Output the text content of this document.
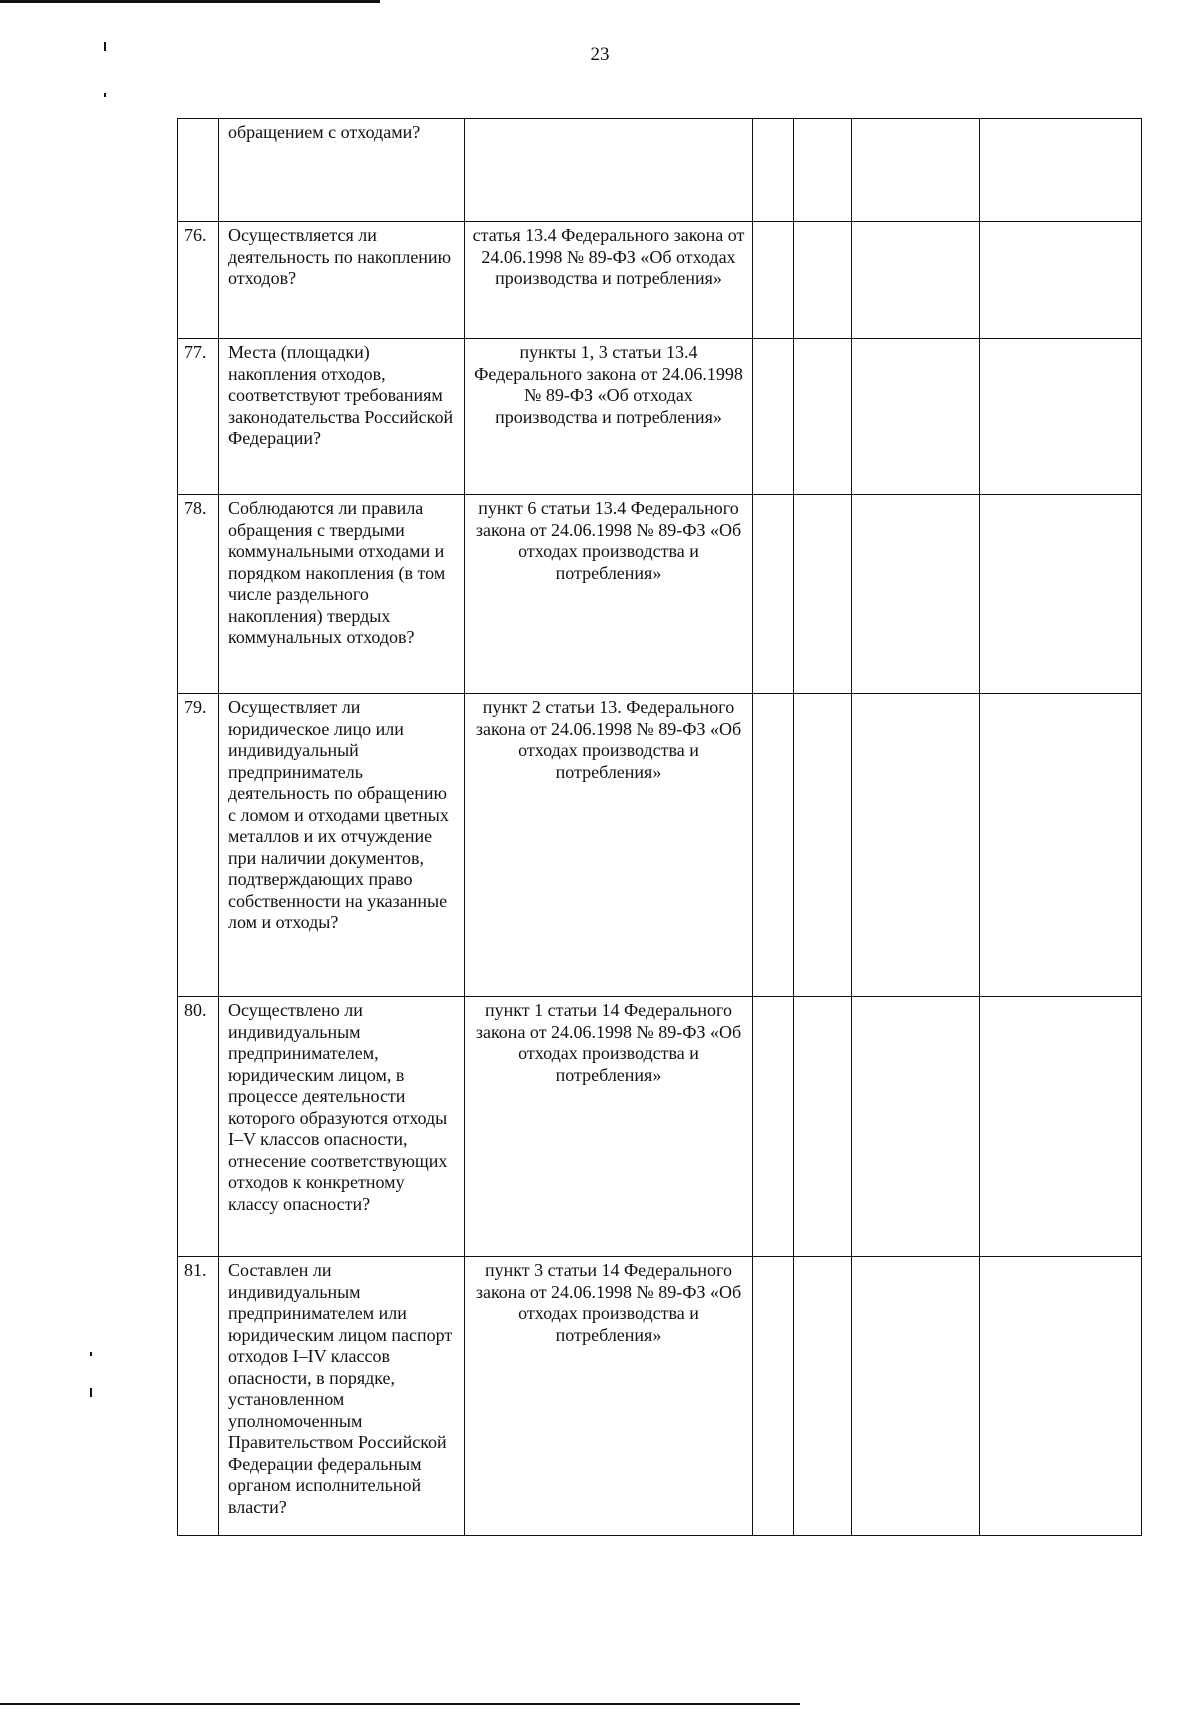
23
	обращением с отходами?					
76.	Осуществляется ли деятельность по накоплению отходов?	статья 13.4 Федерального закона от 24.06.1998 № 89-ФЗ «Об отходах производства и потребления»				
77.	Места (площадки) накопления отходов, соответствуют требованиям законодательства Российской Федерации?	пункты 1, 3 статьи 13.4 Федерального закона от 24.06.1998 № 89-ФЗ «Об отходах производства и потребления»				
78.	Соблюдаются ли правила обращения с твердыми коммунальными отходами и порядком накопления (в том числе раздельного накопления) твердых коммунальных отходов?	пункт 6 статьи 13.4 Федерального закона от 24.06.1998 № 89-ФЗ «Об отходах производства и потребления»				
79.	Осуществляет ли юридическое лицо или индивидуальный предприниматель деятельность по обращению с ломом и отходами цветных металлов и их отчуждение при наличии документов, подтверждающих право собственности на указанные лом и отходы?	пункт 2 статьи 13. Федерального закона от 24.06.1998 № 89-ФЗ «Об отходах производства и потребления»				
80.	Осуществлено ли индивидуальным предпринимателем, юридическим лицом, в процессе деятельности которого образуются отходы I–V классов опасности, отнесение соответствующих отходов к конкретному классу опасности?	пункт 1 статьи 14 Федерального закона от 24.06.1998 № 89-ФЗ «Об отходах производства и потребления»				
81.	Составлен ли индивидуальным предпринимателем или юридическим лицом паспорт отходов I–IV классов опасности, в порядке, установленном уполномоченным Правительством Российской Федерации федеральным органом исполнительной власти?	пункт 3 статьи 14 Федерального закона от 24.06.1998 № 89-ФЗ «Об отходах производства и потребления»				
